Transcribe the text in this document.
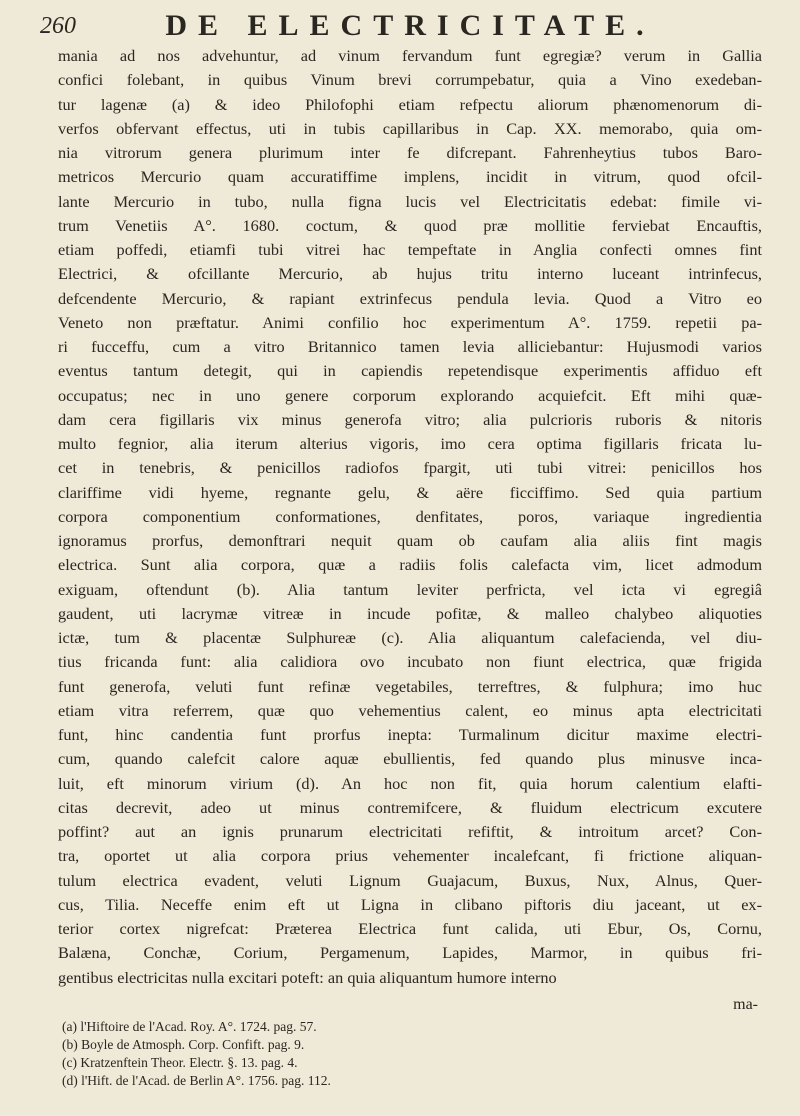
260	DE ELECTRICITATE.
mania ad nos advehuntur, ad vinum fervandum funt egregiæ? verum in Gallia
confici folebant, in quibus Vinum brevi corrumpebatur, quia a Vino exedeban-
tur lagenæ (a) & ideo Philofophi etiam refpectu aliorum phænomenorum di-
verfos obfervant effectus, uti in tubis capillaribus in Cap. XX. memorabo, quia om-
nia vitrorum genera plurimum inter fe difcrepant. Fahrenheytius tubos Baro-
metricos Mercurio quam accuratiffime implens, incidit in vitrum, quod ofcil-
lante Mercurio in tubo, nulla figna lucis vel Electricitatis edebat: fimile vi-
trum Venetiis A°. 1680. coctum, & quod præ mollitie ferviebat Encauftis,
etiam poffedi, etiamfi tubi vitrei hac tempeftate in Anglia confecti omnes fint
Electrici, & ofcillante Mercurio, ab hujus tritu interno luceant intrinfecus,
defcendente Mercurio, & rapiant extrinfecus pendula levia. Quod a Vitro eo
Veneto non præftatur. Animi confilio hoc experimentum A°. 1759. repetii pa-
ri fucceffu, cum a vitro Britannico tamen levia alliciebantur: Hujusmodi varios
eventus tantum detegit, qui in capiendis repetendisque experimentis affiduo eft
occupatus; nec in uno genere corporum explorando acquiefcit. Eft mihi quæ-
dam cera figillaris vix minus generofa vitro; alia pulcrioris ruboris & nitoris
multo fegnior, alia iterum alterius vigoris, imo cera optima figillaris fricata lu-
cet in tenebris, & penicillos radiofos fpargit, uti tubi vitrei: penicillos hos
clariffime vidi hyeme, regnante gelu, & aëre ficciffimo. Sed quia partium
corpora componentium conformationes, denfitates, poros, variaque ingredientia
ignoramus prorfus, demonftrari nequit quam ob caufam alia aliis fint magis
electrica. Sunt alia corpora, quæ a radiis folis calefacta vim, licet admodum
exiguam, oftendunt (b). Alia tantum leviter perfricta, vel icta vi egregiâ
gaudent, uti lacrymæ vitreæ in incude pofitæ, & malleo chalybeo aliquoties
ictæ, tum & placentæ Sulphureæ (c). Alia aliquantum calefacienda, vel diu-
tius fricanda funt: alia calidiora ovo incubato non fiunt electrica, quæ frigida
funt generofa, veluti funt refinæ vegetabiles, terreftres, & fulphura; imo huc
etiam vitra referrem, quæ quo vehementius calent, eo minus apta electricitati
funt, hinc candentia funt prorfus inepta: Turmalinum dicitur maxime electri-
cum, quando calefcit calore aquæ ebullientis, fed quando plus minusve inca-
luit, eft minorum virium (d). An hoc non fit, quia horum calentium elafti-
citas decrevit, adeo ut minus contremifcere, & fluidum electricum excutere
poffint? aut an ignis prunarum electricitati refiftit, & introitum arcet? Con-
tra, oportet ut alia corpora prius vehementer incalefcant, fi frictione aliquan-
tulum electrica evadent, veluti Lignum Guajacum, Buxus, Nux, Alnus, Quer-
cus, Tilia. Neceffe enim eft ut Ligna in clibano piftoris diu jaceant, ut ex-
terior cortex nigrefcat: Præterea Electrica funt calida, uti Ebur, Os, Cornu,
Balæna, Conchæ, Corium, Pergamenum, Lapides, Marmor, in quibus fri-
gentibus electricitas nulla excitari poteft: an quia aliquantum humore interno
ma-
(a) l'Hiftoire de l'Acad. Roy. A°. 1724. pag. 57.
(b) Boyle de Atmosph. Corp. Confift. pag. 9.
(c) Kratzenftein Theor. Electr. §. 13. pag. 4.
(d) l'Hift. de l'Acad. de Berlin A°. 1756. pag. 112.
